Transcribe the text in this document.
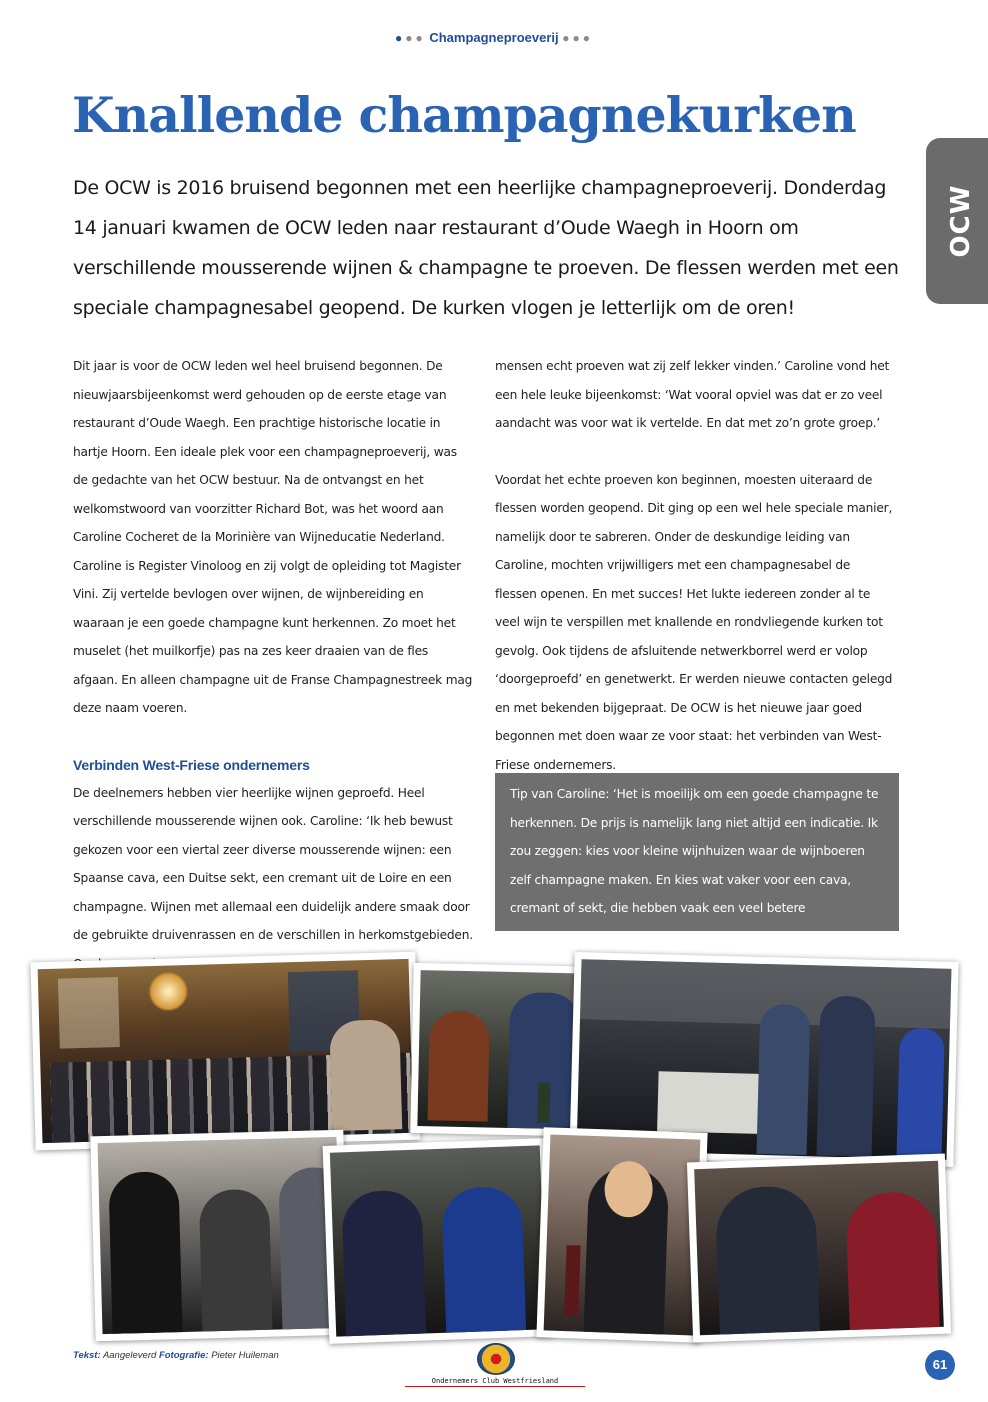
●●● Champagneproeverij ●●●
Knallende champagnekurken
OCW

De OCW is 2016 bruisend begonnen met een heerlijke champagneproeverij. Donderdag 14 januari kwamen de OCW leden naar restaurant d’Oude Waegh in Hoorn om verschillende mousserende wijnen & champagne te proeven. De flessen werden met een speciale champagnesabel geopend. De kurken vlogen je letterlijk om de oren!

Dit jaar is voor de OCW leden wel heel bruisend begonnen. De nieuwjaarsbijeenkomst werd gehouden op de eerste etage van restaurant d’Oude Waegh. Een prachtige historische locatie in hartje Hoorn. Een ideale plek voor een champagneproeverij, was de gedachte van het OCW bestuur. Na de ontvangst en het welkomstwoord van voorzitter Richard Bot, was het woord aan Caroline Cocheret de la Morinière van Wijneducatie Nederland. Caroline is Register Vinoloog en zij volgt de opleiding tot Magister Vini. Zij vertelde bevlogen over wijnen, de wijnbereiding en waaraan je een goede champagne kunt herkennen. Zo moet het muselet (het muilkorfje) pas na zes keer draaien van de fles afgaan. En alleen champagne uit de Franse Champagnestreek mag deze naam voeren.

Verbinden West-Friese ondernemers

De deelnemers hebben vier heerlijke wijnen geproefd. Heel verschillende mousserende wijnen ook. Caroline: ‘Ik heb bewust gekozen voor een viertal zeer diverse mousserende wijnen: een Spaanse cava, een Duitse sekt, een cremant uit de Loire en een champagne. Wijnen met allemaal een duidelijk andere smaak door de gebruikte druivenrassen en de verschillen in herkomstgebieden.

mensen echt proeven wat zij zelf lekker vinden.’ Caroline vond het een hele leuke bijeenkomst: ‘Wat vooral opviel was dat er zo veel aandacht was voor wat ik vertelde. En dat met zo’n grote groep.’

Voordat het echte proeven kon beginnen, moesten uiteraard de flessen worden geopend. Dit ging op een wel hele speciale manier, namelijk door te sabreren. Onder de deskundige leiding van Caroline, mochten vrijwilligers met een champagnesabel de flessen openen. En met succes! Het lukte iedereen zonder al te veel wijn te verspillen met knallende en rondvliegende kurken tot gevolg. Ook tijdens de afsluitende netwerkborrel werd er volop ‘doorgeproefd’ en genetwerkt. Er werden nieuwe contacten gelegd en met bekenden bijgepraat. De OCW is het nieuwe jaar goed begonnen met doen waar ze voor staat: het verbinden van West-Friese ondernemers.

Tip van Caroline: ‘Het is moeilijk om een goede champagne te herkennen. De prijs is namelijk lang niet altijd een indicatie. Ik zou zeggen: kies voor kleine wijnhuizen waar de wijnboeren zelf champagne maken. En kies wat vaker voor een cava, cremant of sekt, die hebben vaak een veel betere prijs/kwaliteitverhouding.’

Tekst: Aangeleverd Fotografie: Pieter Huileman
Ondernemers Club Westfriesland
61
